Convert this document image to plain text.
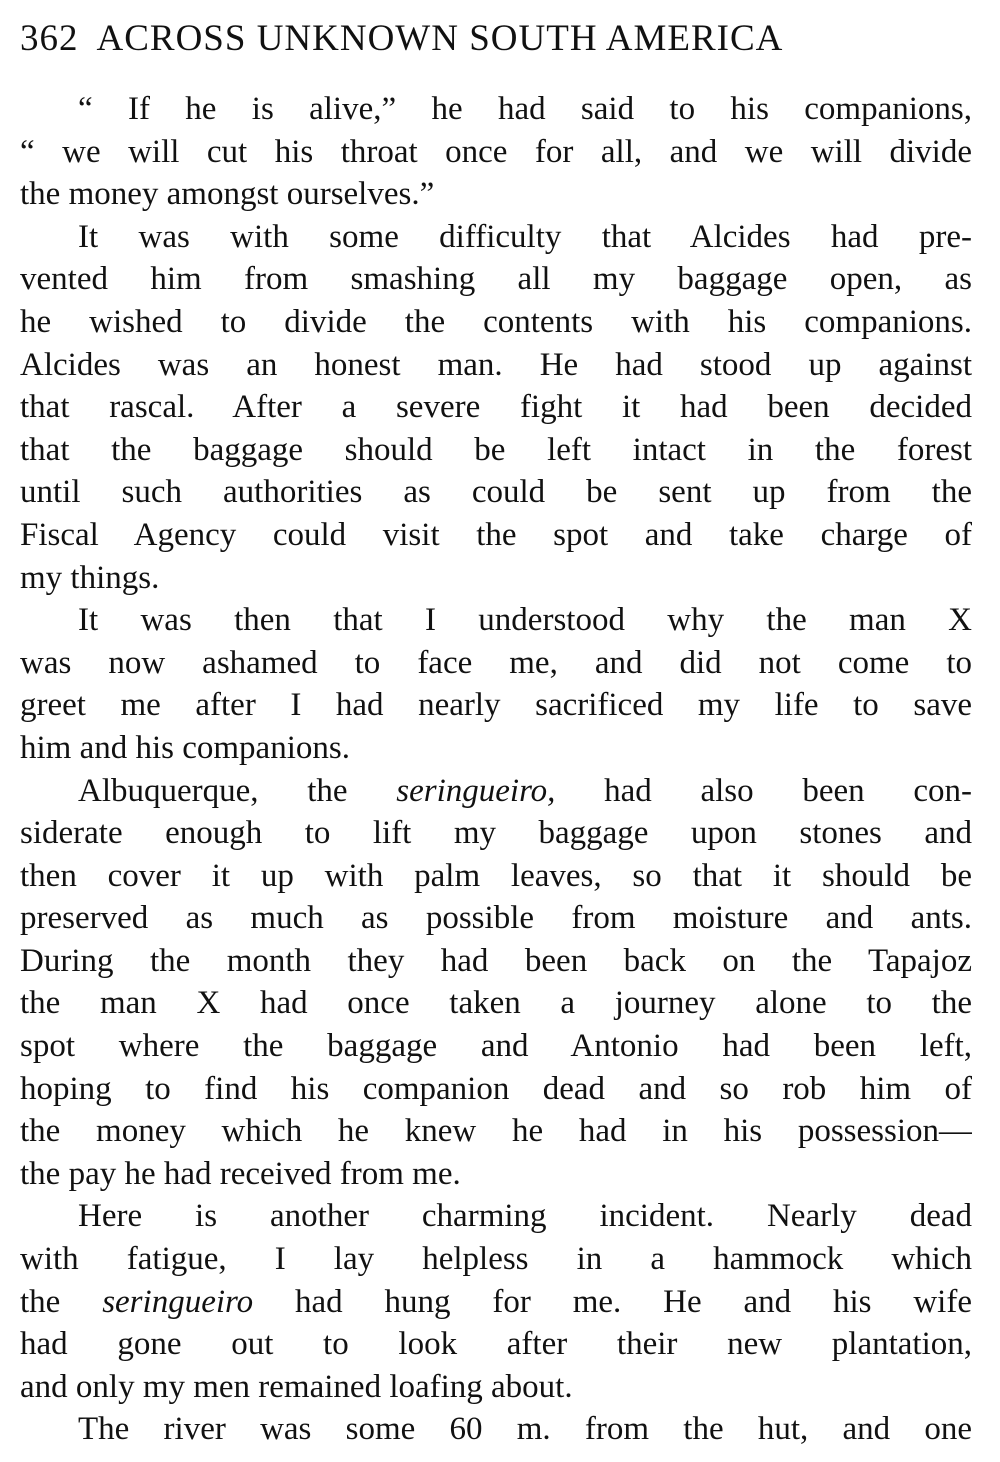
362 ACROSS UNKNOWN SOUTH AMERICA
“ If he is alive,” he had said to his companions,
“ we will cut his throat once for all, and we will divide
the money amongst ourselves.”
It was with some difficulty that Alcides had pre-
vented him from smashing all my baggage open, as
he wished to divide the contents with his companions.
Alcides was an honest man. He had stood up against
that rascal. After a severe fight it had been decided
that the baggage should be left intact in the forest
until such authorities as could be sent up from the
Fiscal Agency could visit the spot and take charge of
my things.
It was then that I understood why the man X
was now ashamed to face me, and did not come to
greet me after I had nearly sacrificed my life to save
him and his companions.
Albuquerque, the seringueiro, had also been con-
siderate enough to lift my baggage upon stones and
then cover it up with palm leaves, so that it should be
preserved as much as possible from moisture and ants.
During the month they had been back on the Tapajoz
the man X had once taken a journey alone to the
spot where the baggage and Antonio had been left,
hoping to find his companion dead and so rob him of
the money which he knew he had in his possession—
the pay he had received from me.
Here is another charming incident. Nearly dead
with fatigue, I lay helpless in a hammock which
the seringueiro had hung for me. He and his wife
had gone out to look after their new plantation,
and only my men remained loafing about.
The river was some 60 m. from the hut, and one
